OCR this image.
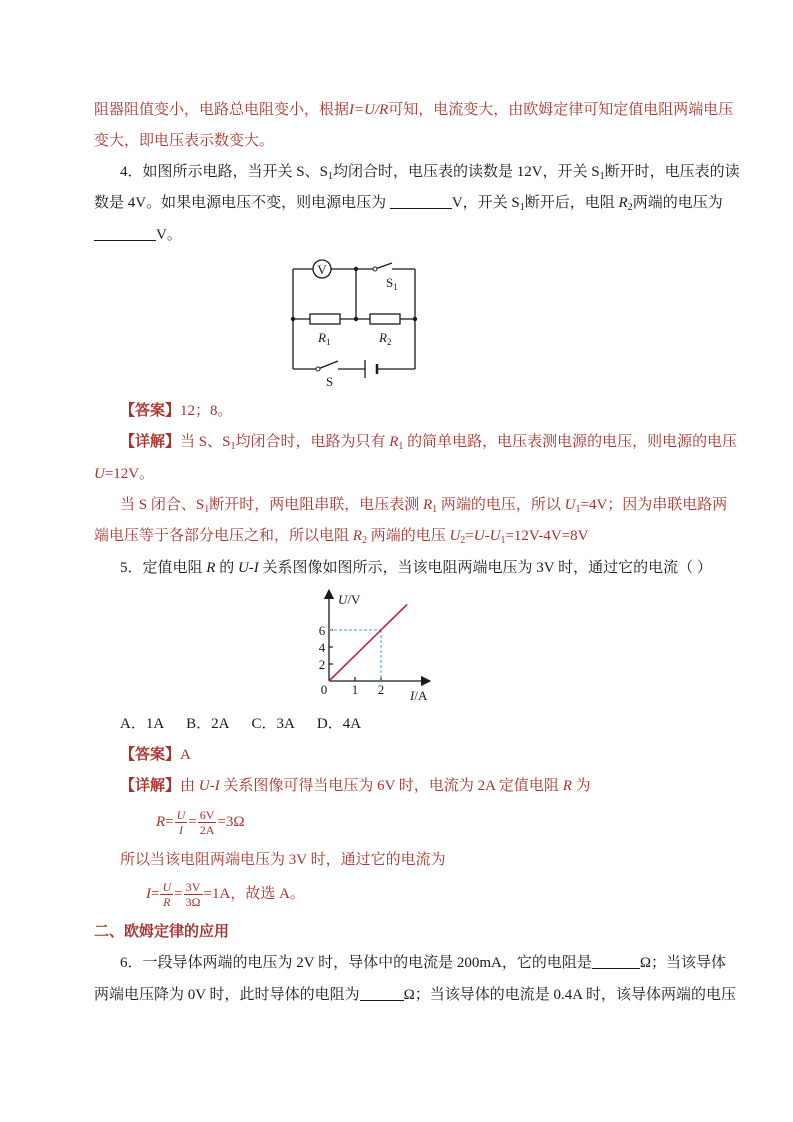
阻器阻值变小，电路总电阻变小，根据I=U/R可知，电流变大，由欧姆定律可知定值电阻两端电压
变大，即电压表示数变大。
4．如图所示电路，当开关 S、$S_1$均闭合时，电压表的读数是 12V，开关 $S_1$断开时，电压表的读
数是 4V。如果电源电压不变，则电源电压为	V，开关 $S_1$断开后，电阻 $R_2$两端的电压为
V。
V
$S_1$
$R_1$	$R_2$
S
【答案】12；8。
【详解】当 S、$S_1$均闭合时，电路为只有 $R_1$ 的简单电路，电压表测电源的电压，则电源的电压
U=12V。
当 S 闭合、$S_1$断开时，两电阻串联，电压表测 $R_1$ 两端的电压，所以 $U_1=4V$；因为串联电路两
端电压等于各部分电压之和，所以电阻 $R_2$ 两端的电压 $U_2=U-U_1=12V-4V=8V$
5．定值电阻 R 的 U-I 关系图像如图所示，当该电阻两端电压为 3V 时，通过它的电流（ ）
U/V
I/A
0
2
4
6
1 2
A．1A B．2A C．3A D．4A
【答案】A
【详解】由 U-I 关系图像可得当电压为 6V 时，电流为 2A 定值电阻 R 为
$R= \frac{U}{I} = \frac{6V}{2A} =3\Omega$
所以当该电阻两端电压为 3V 时，通过它的电流为
$I= \frac{U}{R} = \frac{3V}{3\Omega} =1A$，故选 A。
二、欧姆定律的应用
6．一段导体两端的电压为 2V 时，导体中的电流是 200mA，它的电阻是	Ω；当该导体
两端电压降为 0V 时，此时导体的电阻为	Ω；当该导体的电流是 0.4A 时，该导体两端的电压
